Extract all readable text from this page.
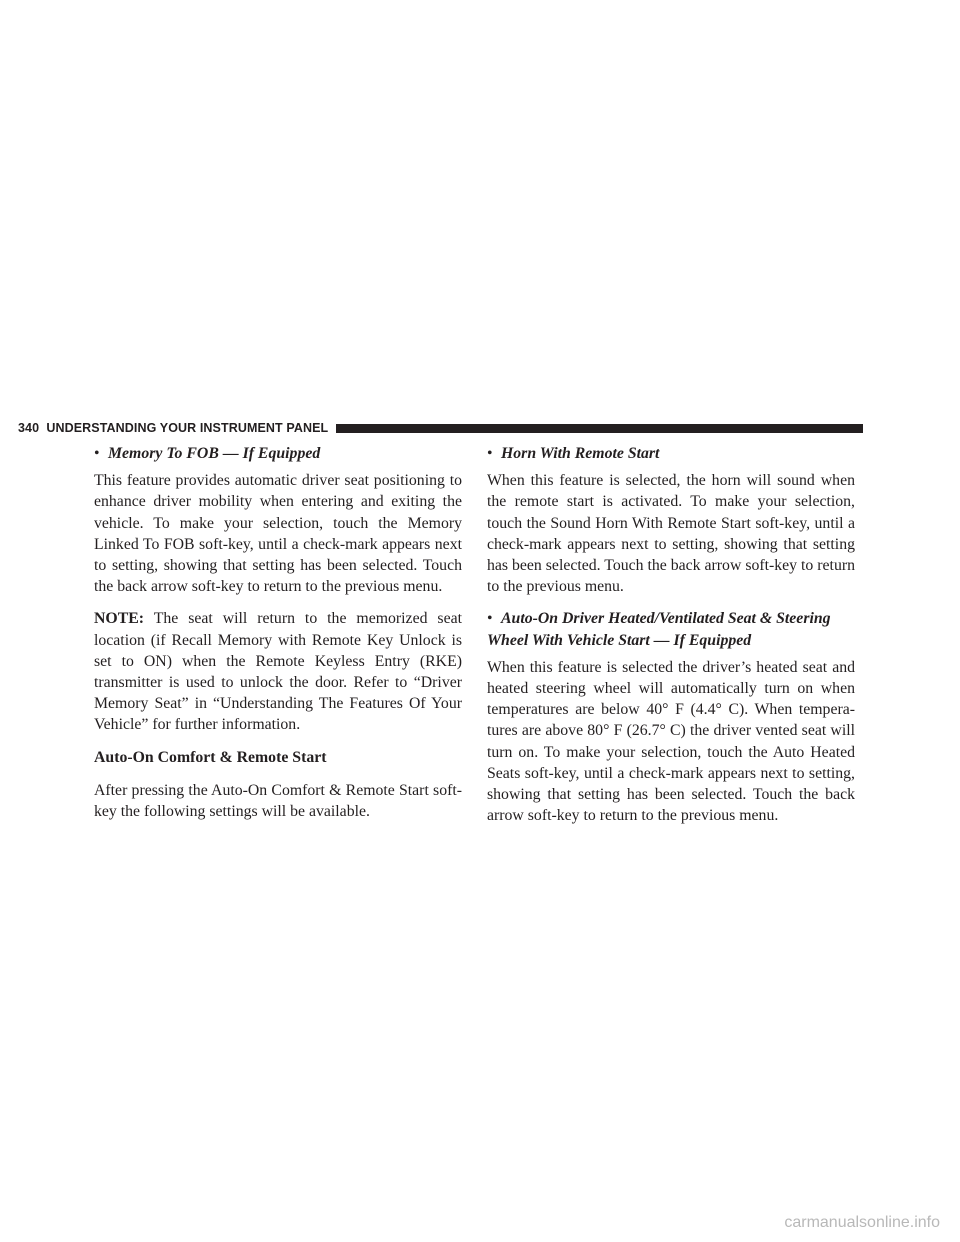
340 UNDERSTANDING YOUR INSTRUMENT PANEL

• Memory To FOB — If Equipped

This feature provides automatic driver seat positioning to enhance driver mobility when entering and exiting the vehicle. To make your selection, touch the Memory Linked To FOB soft-key, until a check-mark appears next to setting, showing that setting has been selected. Touch the back arrow soft-key to return to the previous menu.

NOTE: The seat will return to the memorized seat location (if Recall Memory with Remote Key Unlock is set to ON) when the Remote Keyless Entry (RKE) transmitter is used to unlock the door. Refer to “Driver Memory Seat” in “Understanding The Features Of Your Vehicle” for further information.

Auto-On Comfort & Remote Start

After pressing the Auto-On Comfort & Remote Start soft-key the following settings will be available.

• Horn With Remote Start

When this feature is selected, the horn will sound when the remote start is activated. To make your selection, touch the Sound Horn With Remote Start soft-key, until a check-mark appears next to setting, showing that setting has been selected. Touch the back arrow soft-key to return to the previous menu.

• Auto-On Driver Heated/Ventilated Seat & Steering
Wheel With Vehicle Start — If Equipped

When this feature is selected the driver’s heated seat and heated steering wheel will automatically turn on when temperatures are below 40° F (4.4° C). When tempera-tures are above 80° F (26.7° C) the driver vented seat will turn on. To make your selection, touch the Auto Heated Seats soft-key, until a check-mark appears next to setting, showing that setting has been selected. Touch the back arrow soft-key to return to the previous menu.

carmanualsonline.info
